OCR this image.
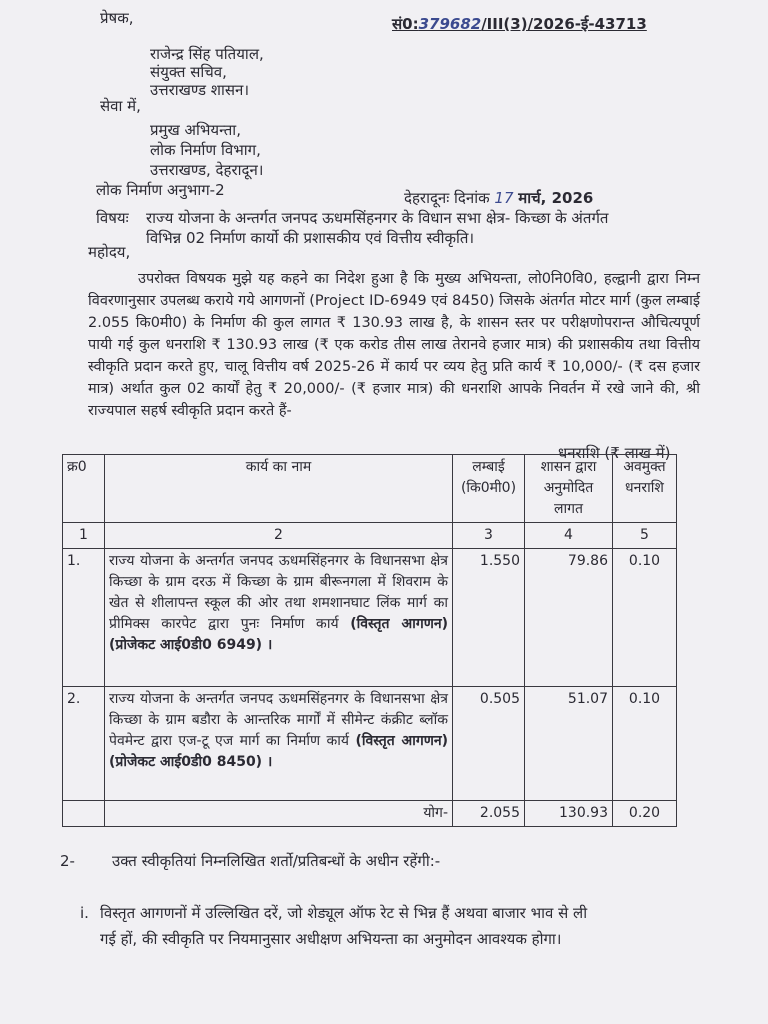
सं0:379682/III(3)/2026-ई-43713
प्रेषक,
राजेन्द्र सिंह पतियाल,
संयुक्त सचिव,
उत्तराखण्ड शासन।
सेवा में,
प्रमुख अभियन्ता,
लोक निर्माण विभाग,
उत्तराखण्ड, देहरादून।
लोक निर्माण अनुभाग-2	देहरादूनः दिनांक 17 मार्च, 2026
विषयः राज्य योजना के अन्तर्गत जनपद ऊधमसिंहनगर के विधान सभा क्षेत्र- किच्छा के अंतर्गत
विभिन्न 02 निर्माण कार्यो की प्रशासकीय एवं वित्तीय स्वीकृति।
महोदय,

उपरोक्त विषयक मुझे यह कहने का निदेश हुआ है कि मुख्य अभियन्ता, लो0नि0वि0, हल्द्वानी द्वारा निम्न विवरणानुसार उपलब्ध कराये गये आगणनों (Project ID-6949 एवं 8450) जिसके अंतर्गत मोटर मार्ग (कुल लम्बाई 2.055 कि0मी0) के निर्माण की कुल लागत ₹ 130.93 लाख है, के शासन स्तर पर परीक्षणोपरान्त औचित्यपूर्ण पायी गई कुल धनराशि ₹ 130.93 लाख (₹ एक करोड तीस लाख तेरानवे हजार मात्र) की प्रशासकीय तथा वित्तीय स्वीकृति प्रदान करते हुए, चालू वित्तीय वर्ष 2025-26 में कार्य पर व्यय हेतु प्रति कार्य ₹ 10,000/- (₹ दस हजार मात्र) अर्थात कुल 02 कार्यों हेतु ₹ 20,000/- (₹ हजार मात्र) की धनराशि आपके निवर्तन में रखे जाने की, श्री राज्यपाल सहर्ष स्वीकृति प्रदान करते हैं-

धनराशि (₹ लाख में)
क्र0	कार्य का नाम	लम्बाई (कि0मी0)	शासन द्वारा अनुमोदित लागत	अवमुक्त धनराशि
1	2	3	4	5
1.	राज्य योजना के अन्तर्गत जनपद ऊधमसिंहनगर के विधानसभा क्षेत्र किच्छा के ग्राम दरऊ में किच्छा के ग्राम बीरूनगला में शिवराम के खेत से शीलापन्त स्कूल की ओर तथा शमशानघाट लिंक मार्ग का प्रीमिक्स कारपेट द्वारा पुनः निर्माण कार्य (विस्तृत आगणन) (प्रोजेकट आई0डी0 6949) ।	1.550	79.86	0.10
2.	राज्य योजना के अन्तर्गत जनपद ऊधमसिंहनगर के विधानसभा क्षेत्र किच्छा के ग्राम बडौरा के आन्तरिक मार्गों में सीमेन्ट कंक्रीट ब्लॉक पेवमेन्ट द्वारा एज-टू एज मार्ग का निर्माण कार्य (विस्तृत आगणन)(प्रोजेकट आई0डी0 8450) ।	0.505	51.07	0.10
	योग-	2.055	130.93	0.20
2- उक्त स्वीकृतियां निम्नलिखित शर्तो/प्रतिबन्धों के अधीन रहेंगी:-
i. विस्तृत आगणनों में उल्लिखित दरें, जो शेड्यूल ऑफ रेट से भिन्न हैं अथवा बाजार भाव से ली
गई हों, की स्वीकृति पर नियमानुसार अधीक्षण अभियन्ता का अनुमोदन आवश्यक होगा।
